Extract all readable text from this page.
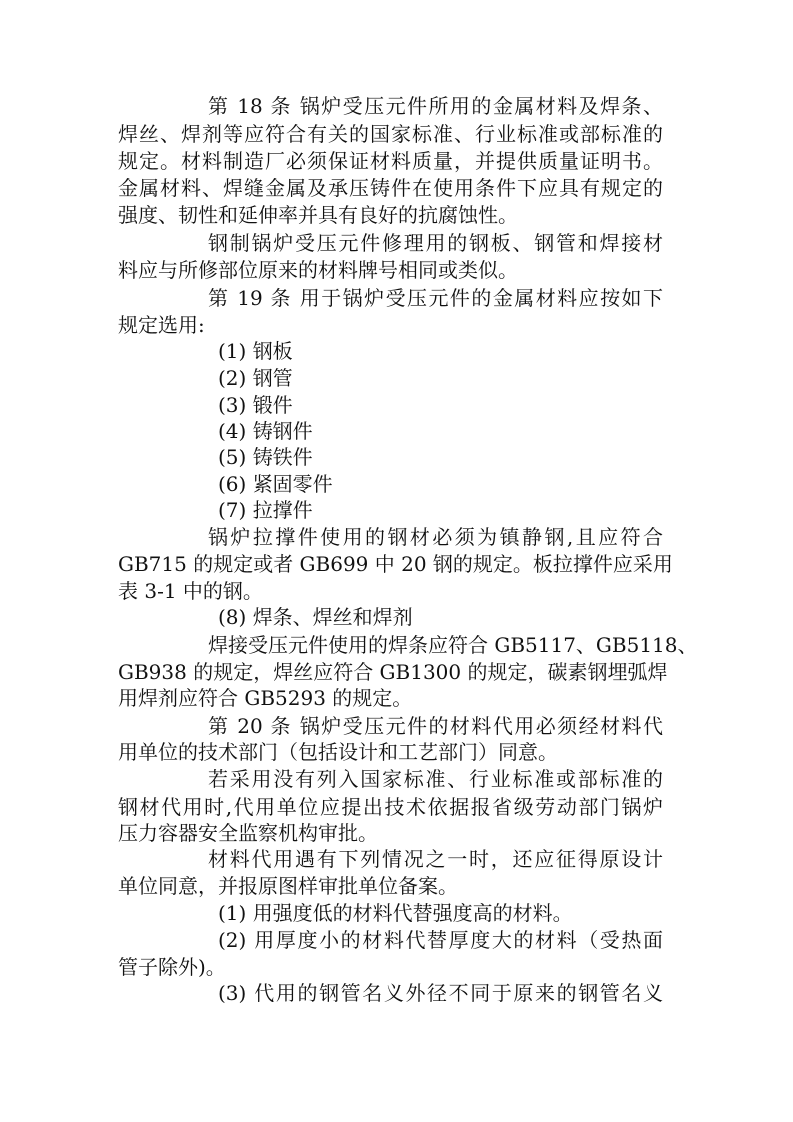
第 18 条 锅炉受压元件所用的金属材料及焊条、
焊丝、焊剂等应符合有关的国家标准、行业标准或部标准的
规定。材料制造厂必须保证材料质量，并提供质量证明书。
金属材料、焊缝金属及承压铸件在使用条件下应具有规定的
强度、韧性和延伸率并具有良好的抗腐蚀性。
钢制锅炉受压元件修理用的钢板、钢管和焊接材
料应与所修部位原来的材料牌号相同或类似。
第 19 条 用于锅炉受压元件的金属材料应按如下
规定选用:
(1) 钢板
(2) 钢管
(3) 锻件
(4) 铸钢件
(5) 铸铁件
(6) 紧固零件
(7) 拉撑件
锅炉拉撑件使用的钢材必须为镇静钢,且应符合
GB715 的规定或者 GB699 中 20 钢的规定。板拉撑件应采用
表 3-1 中的钢。
(8) 焊条、焊丝和焊剂
焊接受压元件使用的焊条应符合 GB5117、GB5118、
GB938 的规定，焊丝应符合 GB1300 的规定，碳素钢埋弧焊
用焊剂应符合 GB5293 的规定。
第 20 条 锅炉受压元件的材料代用必须经材料代
用单位的技术部门（包括设计和工艺部门）同意。
若采用没有列入国家标准、行业标准或部标准的
钢材代用时,代用单位应提出技术依据报省级劳动部门锅炉
压力容器安全监察机构审批。
材料代用遇有下列情况之一时，还应征得原设计
单位同意，并报原图样审批单位备案。
(1) 用强度低的材料代替强度高的材料。
(2) 用厚度小的材料代替厚度大的材料（受热面
管子除外)。
(3) 代用的钢管名义外径不同于原来的钢管名义
